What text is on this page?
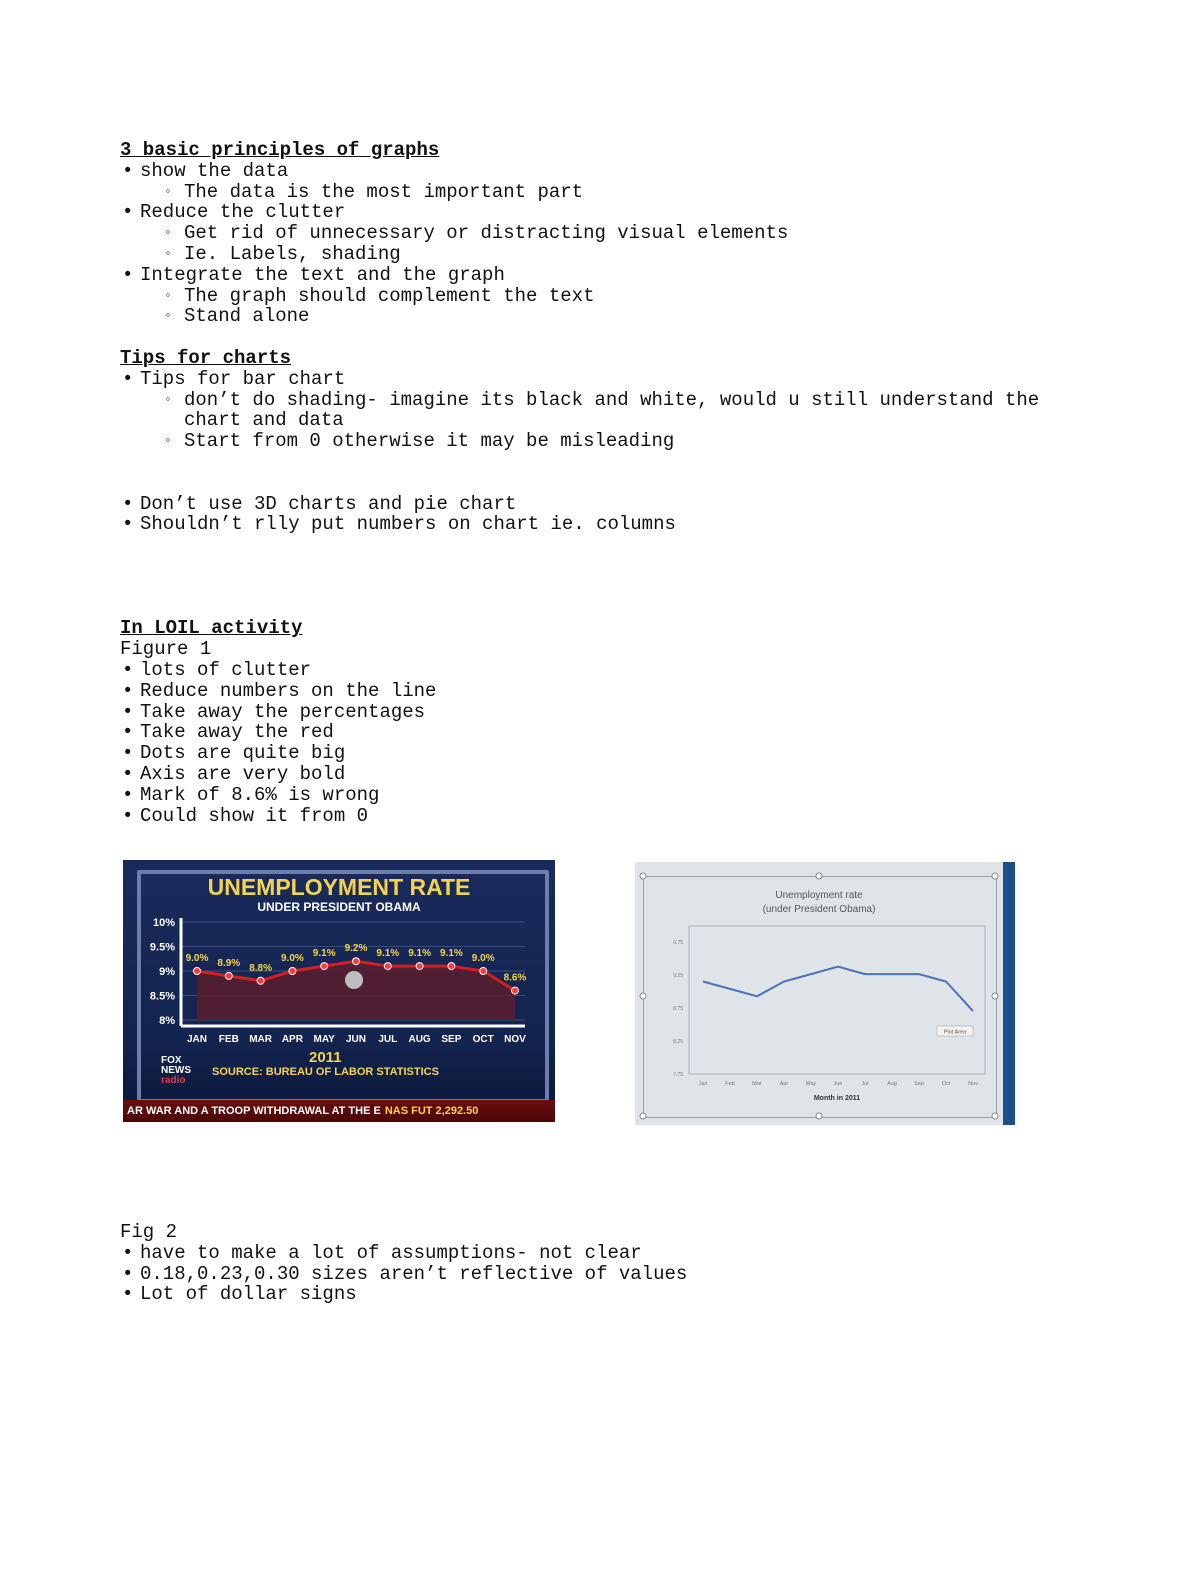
3 basic principles of graphs
• show the data
◦ The data is the most important part
• Reduce the clutter
◦ Get rid of unnecessary or distracting visual elements
◦ Ie. Labels, shading
• Integrate the text and the graph
◦ The graph should complement the text
◦ Stand alone
Tips for charts
• Tips for bar chart
◦ don’t do shading- imagine its black and white, would u still understand the chart and data
◦ Start from 0 otherwise it may be misleading
• Don’t use 3D charts and pie chart
• Shouldn’t rlly put numbers on chart ie. columns
In LOIL activity
Figure 1
• lots of clutter
• Reduce numbers on the line
• Take away the percentages
• Take away the red
• Dots are quite big
• Axis are very bold
• Mark of 8.6% is wrong
• Could show it from 0
Fig 2
• have to make a lot of assumptions- not clear
• 0.18,0.23,0.30 sizes aren’t reflective of values
• Lot of dollar signs
UNEMPLOYMENT RATE
UNDER PRESIDENT OBAMA
10%
9.5%
9%
8.5%
8%
9.0%
JAN
8.9%
FEB
8.8%
MAR
9.0%
APR
9.1%
MAY
9.2%
JUN
9.1%
JUL
9.1%
AUG
9.1%
SEP
9.0%
OCT
8.6%
NOV
FOX
NEWS
radio
2011
SOURCE: BUREAU OF LABOR STATISTICS
AR WAR AND A TROOP WITHDRAWAL AT THE E NAS FUT 2,292.50
Unemployment rate
(under President Obama)
9.75
9.25
8.75
8.25
7.75
Jan	Feb	Mar	Apr	May	Jun	Jul	Aug	Sep	Oct	Nov
Month in 2011
Plot Area
